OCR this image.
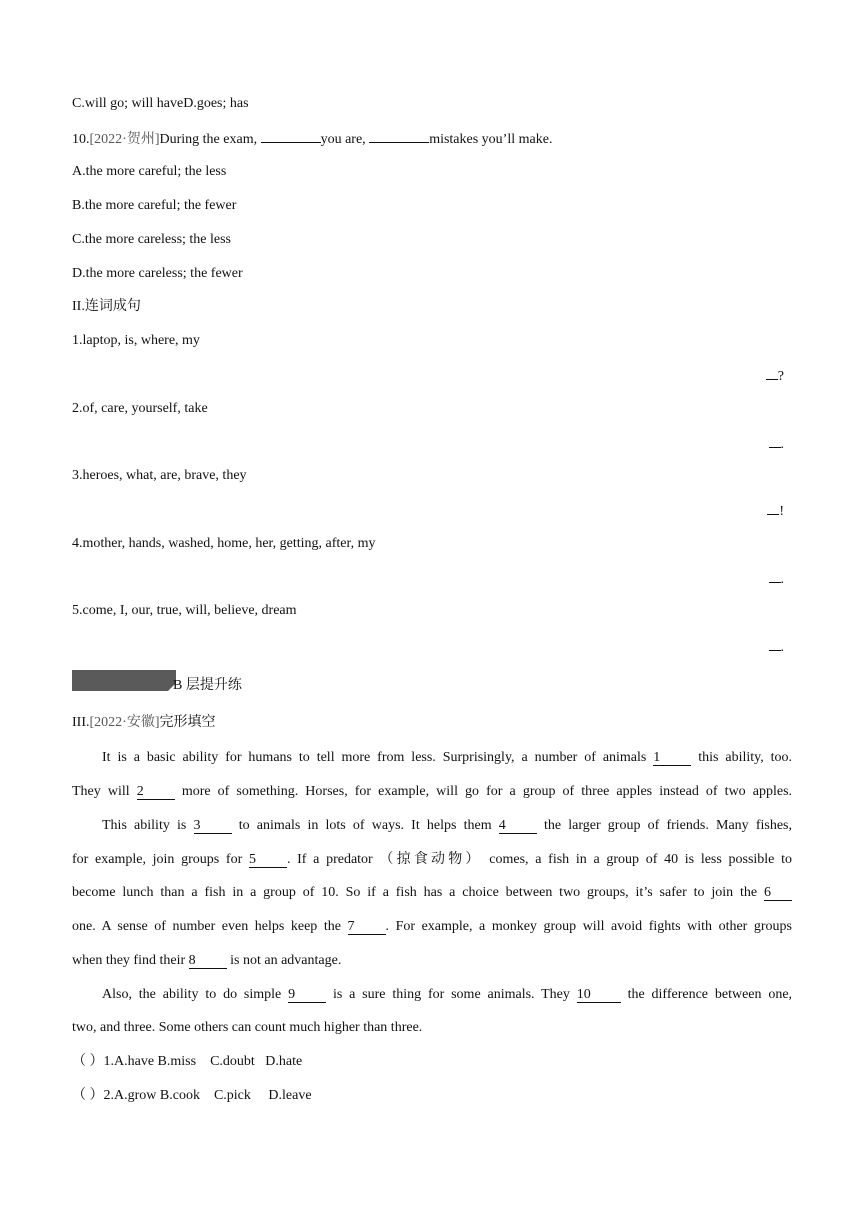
C.will go; will haveD.goes; has
10.[2022·贺州]During the exam,	you are,	mistakes you’ll make.
A.the more careful; the less
B.the more careful; the fewer
C.the more careless; the less
D.the more careless; the fewer
II.连词成句
1.laptop, is, where, my
?
2.of, care, yourself, take
.
3.heroes, what, are, brave, they
!
4.mother, hands, washed, home, her, getting, after, my
.
5.come, I, our, true, will, believe, dream
.
B 层提升练
III.[2022·安徽]完形填空
It is a basic ability for humans to tell more from less. Surprisingly, a number of animals 1	this ability, too.
They will 2	more of something. Horses, for example, will go for a group of three apples instead of two apples.
This ability is 3	to animals in lots of ways. It helps them 4	the larger group of friends. Many fishes,
for example, join groups for 5 . If a predator （掠食动物） comes, a fish in a group of 40 is less possible to
become lunch than a fish in a group of 10. So if a fish has a choice between two groups, it’s safer to join the 6
one. A sense of number even helps keep the 7 . For example, a monkey group will avoid fights with other groups
when they find their 8 is not an advantage.
Also, the ability to do simple 9	is a sure thing for some animals. They 10	the difference between one,
two, and three. Some others can count much higher than three.
（ ）1.A.have B.miss C.doubt D.hate
（ ）2.A.grow B.cook C.pick D.leave
